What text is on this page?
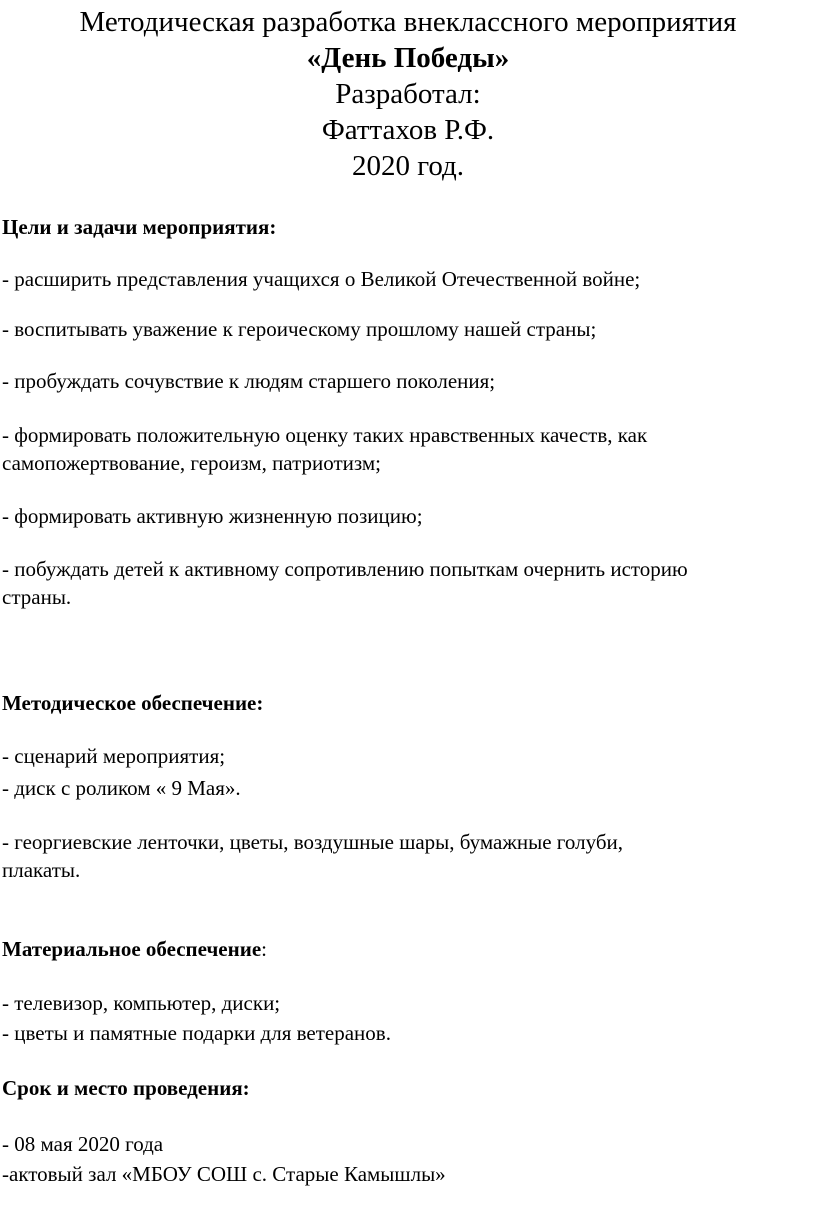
Методическая разработка внеклассного мероприятия
«День Победы»
Разработал:
Фаттахов Р.Ф.
2020 год.
Цели и задачи мероприятия:
- расширить представления учащихся о Великой Отечественной войне;
- воспитывать уважение к героическому прошлому нашей страны;
- пробуждать сочувствие к людям старшего поколения;
- формировать положительную оценку таких нравственных качеств, как
самопожертвование, героизм, патриотизм;
- формировать активную жизненную позицию;
- побуждать детей к активному сопротивлению попыткам очернить историю
страны.
Методическое обеспечение:
- сценарий мероприятия;
- диск с роликом « 9 Мая».
- георгиевские ленточки, цветы, воздушные шары, бумажные голуби,
плакаты.
Материальное обеспечение:
- телевизор, компьютер, диски;
- цветы и памятные подарки для ветеранов.
Срок и место проведения:
- 08 мая 2020 года
-актовый зал «МБОУ СОШ с. Старые Камышлы»
